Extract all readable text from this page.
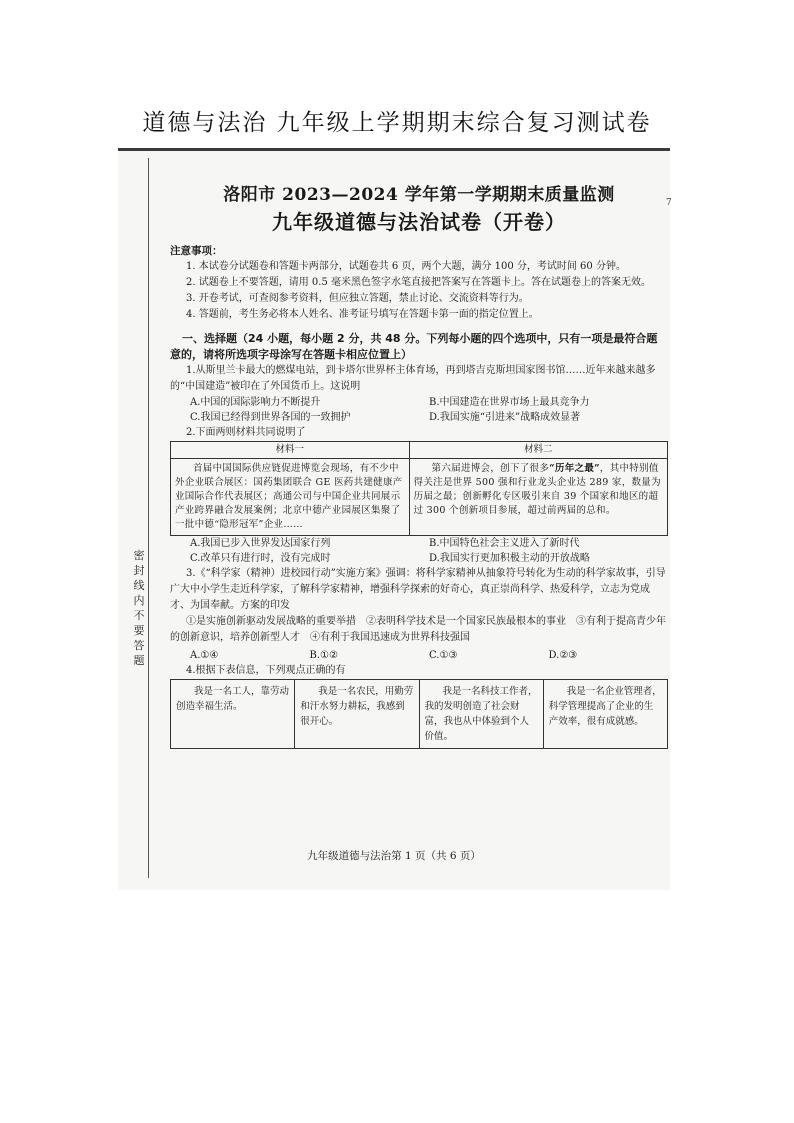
道德与法治 九年级上学期期末综合复习测试卷
密 封 线 内 不 要 答 题
7
洛阳市 2023—2024 学年第一学期期末质量监测
九年级道德与法治试卷（开卷）
注意事项：
1. 本试卷分试题卷和答题卡两部分，试题卷共 6 页，两个大题，满分 100 分，考试时间 60 分钟。
2. 试题卷上不要答题，请用 0.5 毫米黑色签字水笔直接把答案写在答题卡上。答在试题卷上的答案无效。
3. 开卷考试，可查阅参考资料，但应独立答题，禁止讨论、交流资料等行为。
4. 答题前，考生务必将本人姓名、准考证号填写在答题卡第一面的指定位置上。
一、选择题（24 小题，每小题 2 分，共 48 分。下列每小题的四个选项中，只有一项是最符合题意的，请将所选项字母涂写在答题卡相应位置上）
1.从斯里兰卡最大的燃煤电站，到卡塔尔世界杯主体育场，再到塔吉克斯坦国家图书馆……近年来越来越多的“中国建造”被印在了外国货币上。这说明
A.中国的国际影响力不断提升	B.中国建造在世界市场上最具竞争力
C.我国已经得到世界各国的一致拥护	D.我国实施“引进来”战略成效显著
2.下面两则材料共同说明了
材料一	材料二
首届中国国际供应链促进博览会现场，有不少中外企业联合展区：国药集团联合 GE 医药共建健康产业国际合作代表展区；高通公司与中国企业共同展示产业跨界融合发展案例；北京中德产业园展区集聚了一批中德“隐形冠军”企业……	第六届进博会，创下了很多“历年之最”，其中特别值得关注是世界 500 强和行业龙头企业达 289 家，数量为历届之最；创新孵化专区吸引来自 39 个国家和地区的超过 300 个创新项目参展，超过前两届的总和。
A.我国已步入世界发达国家行列	B.中国特色社会主义进入了新时代
C.改革只有进行时，没有完成时	D.我国实行更加积极主动的开放战略
3.《“科学家（精神）进校园行动”实施方案》强调：将科学家精神从抽象符号转化为生动的科学家故事，引导广大中小学生走近科学家，了解科学家精神，增强科学探索的好奇心，真正崇尚科学、热爱科学，立志为党成才、为国奉献。方案的印发
①是实施创新驱动发展战略的重要举措　②表明科学技术是一个国家民族最根本的事业　③有利于提高青少年的创新意识，培养创新型人才　④有利于我国迅速成为世界科技强国
A.①④	B.①②	C.①③	D.②③
4.根据下表信息，下列观点正确的有
我是一名工人，靠劳动创造幸福生活。	我是一名农民，用勤劳和汗水努力耕耘，我感到很开心。	我是一名科技工作者，我的发明创造了社会财富，我也从中体验到个人价值。	我是一名企业管理者，科学管理提高了企业的生产效率，很有成就感。
九年级道德与法治第 1 页（共 6 页）
